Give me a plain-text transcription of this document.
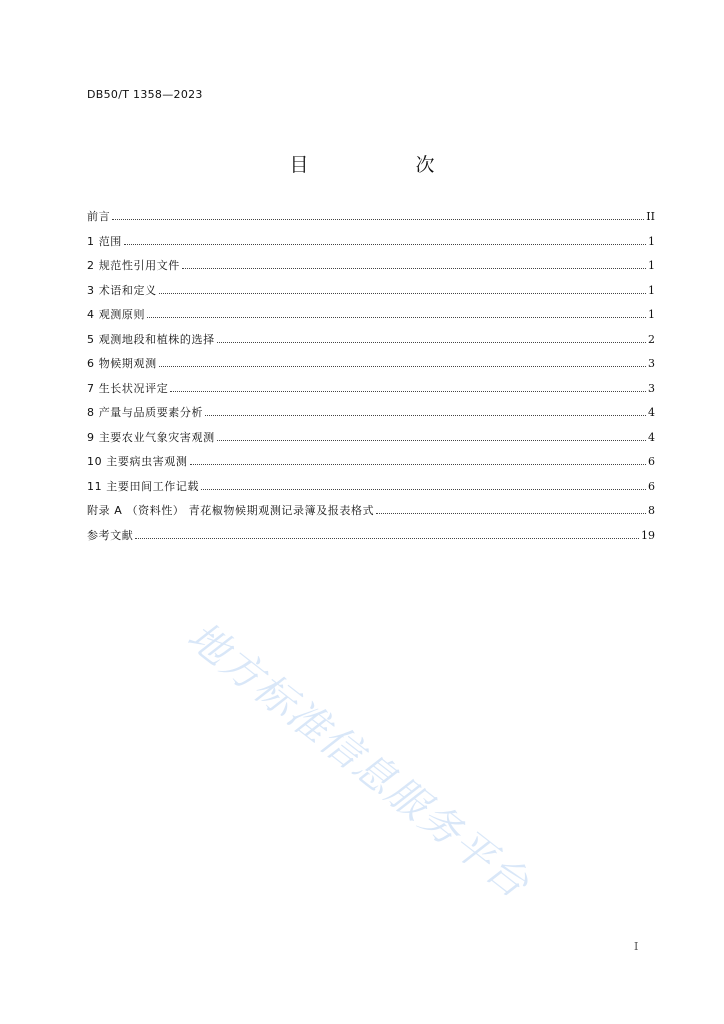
DB50/T 1358—2023
目　次
前言	II
1 范围	1
2 规范性引用文件	1
3 术语和定义	1
4 观测原则	1
5 观测地段和植株的选择	2
6 物候期观测	3
7 生长状况评定	3
8 产量与品质要素分析	4
9 主要农业气象灾害观测	4
10 主要病虫害观测	6
11 主要田间工作记载	6
附录 A （资料性） 青花椒物候期观测记录簿及报表格式	8
参考文献	19
地方标准信息服务平台
I
